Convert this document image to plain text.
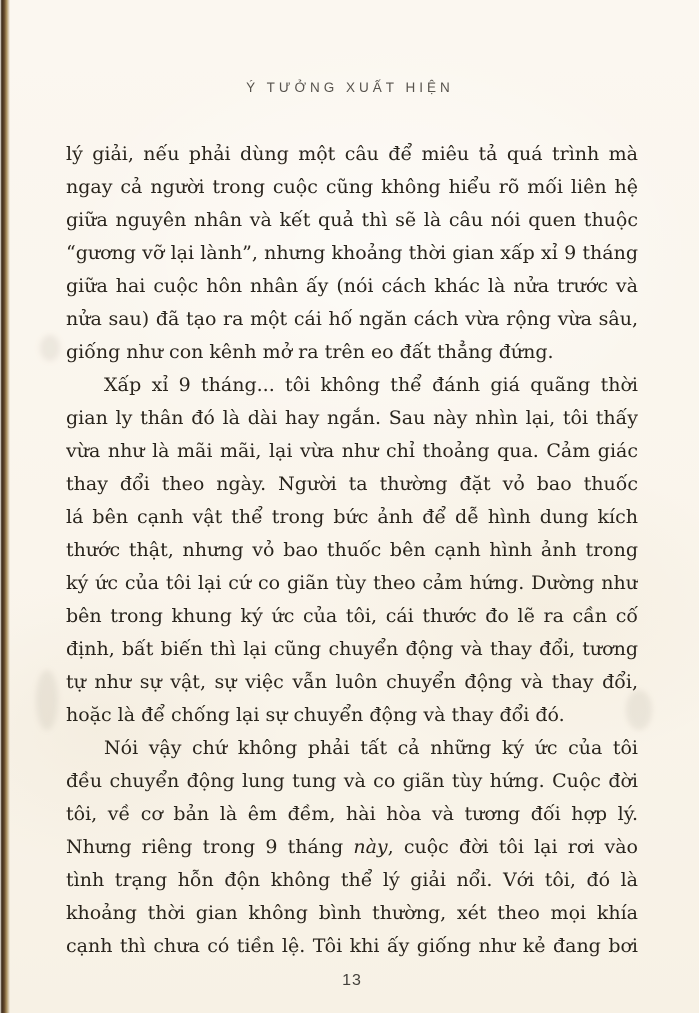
Ý TƯỞNG XUẤT HIỆN
lý giải, nếu phải dùng một câu để miêu tả quá trình mà
ngay cả người trong cuộc cũng không hiểu rõ mối liên hệ
giữa nguyên nhân và kết quả thì sẽ là câu nói quen thuộc
“gương vỡ lại lành”, nhưng khoảng thời gian xấp xỉ 9 tháng
giữa hai cuộc hôn nhân ấy (nói cách khác là nửa trước và
nửa sau) đã tạo ra một cái hố ngăn cách vừa rộng vừa sâu,
giống như con kênh mở ra trên eo đất thẳng đứng.
Xấp xỉ 9 tháng... tôi không thể đánh giá quãng thời
gian ly thân đó là dài hay ngắn. Sau này nhìn lại, tôi thấy
vừa như là mãi mãi, lại vừa như chỉ thoảng qua. Cảm giác
thay đổi theo ngày. Người ta thường đặt vỏ bao thuốc
lá bên cạnh vật thể trong bức ảnh để dễ hình dung kích
thước thật, nhưng vỏ bao thuốc bên cạnh hình ảnh trong
ký ức của tôi lại cứ co giãn tùy theo cảm hứng. Dường như
bên trong khung ký ức của tôi, cái thước đo lẽ ra cần cố
định, bất biến thì lại cũng chuyển động và thay đổi, tương
tự như sự vật, sự việc vẫn luôn chuyển động và thay đổi,
hoặc là để chống lại sự chuyển động và thay đổi đó.
Nói vậy chứ không phải tất cả những ký ức của tôi
đều chuyển động lung tung và co giãn tùy hứng. Cuộc đời
tôi, về cơ bản là êm đềm, hài hòa và tương đối hợp lý.
Nhưng riêng trong 9 tháng này, cuộc đời tôi lại rơi vào
tình trạng hỗn độn không thể lý giải nổi. Với tôi, đó là
khoảng thời gian không bình thường, xét theo mọi khía
cạnh thì chưa có tiền lệ. Tôi khi ấy giống như kẻ đang bơi
13
